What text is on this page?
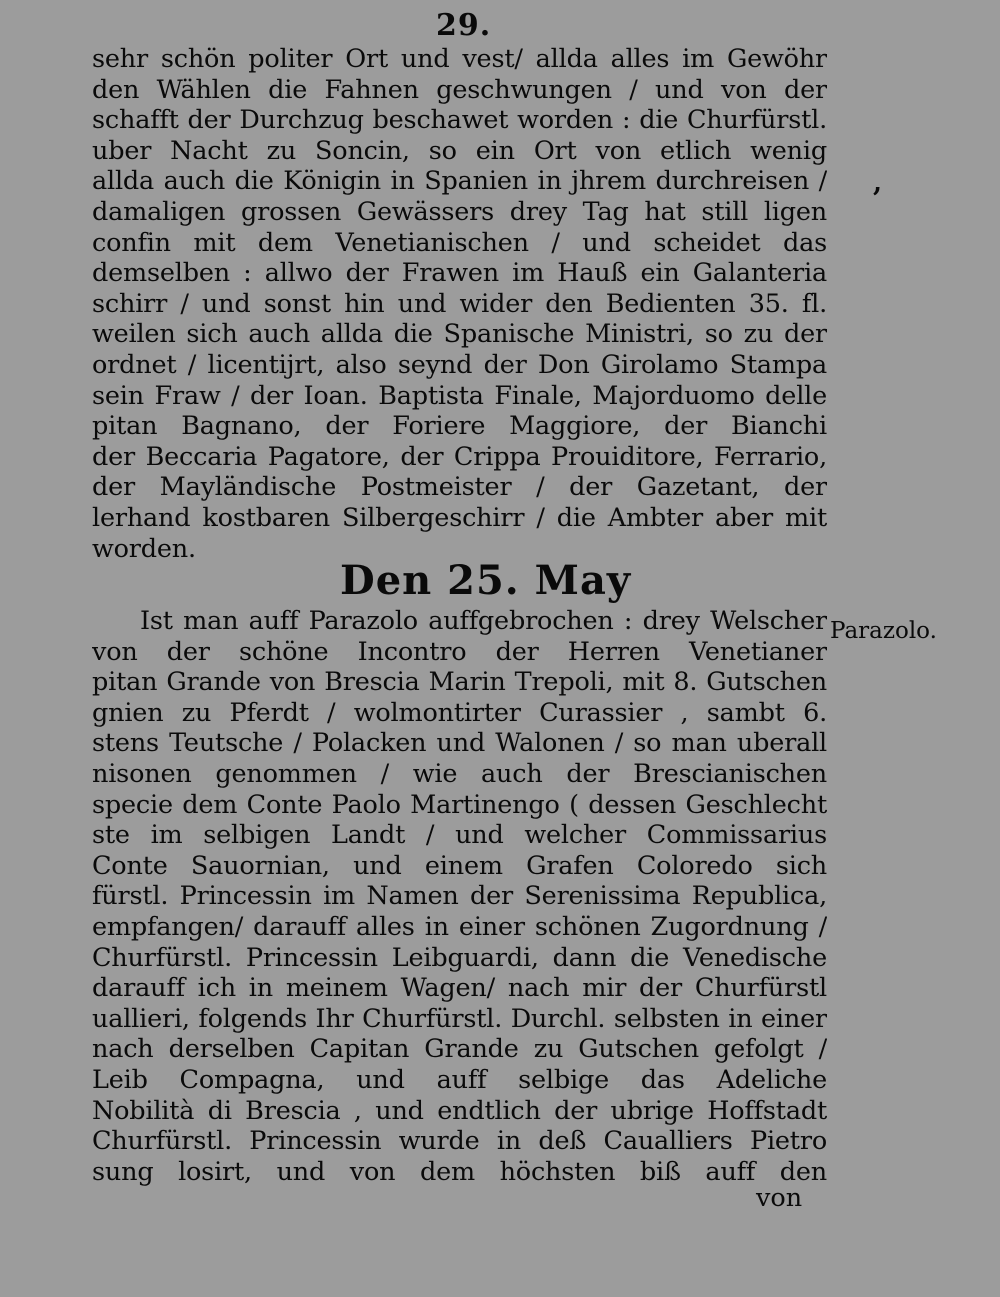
29.
sehr schön politer Ort und vest/ allda alles im Gewöhr
den Wählen die Fahnen geschwungen / und von der
schafft der Durchzug beschawet worden : die Churfürstl.
uber Nacht zu Soncin, so ein Ort von etlich wenig
allda auch die Königin in Spanien in jhrem durchreisen /
damaligen grossen Gewässers drey Tag hat still ligen
confin mit dem Venetianischen / und scheidet das
demselben : allwo der Frawen im Hauß ein Galanteria
schirr / und sonst hin und wider den Bedienten 35. fl.
weilen sich auch allda die Spanische Ministri, so zu der
ordnet / licentijrt, also seynd der Don Girolamo Stampa
sein Fraw / der Ioan. Baptista Finale, Majorduomo delle
pitan Bagnano, der Foriere Maggiore, der Bianchi
der Beccaria Pagatore, der Crippa Prouiditore, Ferrario,
der Mayländische Postmeister / der Gazetant, der
lerhand kostbaren Silbergeschirr / die Ambter aber mit
worden.
,
Den 25. May
Parazolo.
Ist man auff Parazolo auffgebrochen : drey Welscher
von der schöne Incontro der Herren Venetianer
pitan Grande von Brescia Marin Trepoli, mit 8. Gutschen
gnien zu Pferdt / wolmontirter Curassier , sambt 6.
stens Teutsche / Polacken und Walonen / so man uberall
nisonen genommen / wie auch der Brescianischen
specie dem Conte Paolo Martinengo ( dessen Geschlecht
ste im selbigen Landt / und welcher Commissarius
Conte Sauornian, und einem Grafen Coloredo sich
fürstl. Princessin im Namen der Serenissima Republica,
empfangen/ darauff alles in einer schönen Zugordnung /
Churfürstl. Princessin Leibguardi, dann die Venedische
darauff ich in meinem Wagen/ nach mir der Churfürstl
uallieri, folgends Ihr Churfürstl. Durchl. selbsten in einer
nach derselben Capitan Grande zu Gutschen gefolgt /
Leib Compagna, und auff selbige das Adeliche
Nobilità di Brescia , und endtlich der ubrige Hoffstadt
Churfürstl. Princessin wurde in deß Caualliers Pietro
sung losirt, und von dem höchsten biß auff den
von
